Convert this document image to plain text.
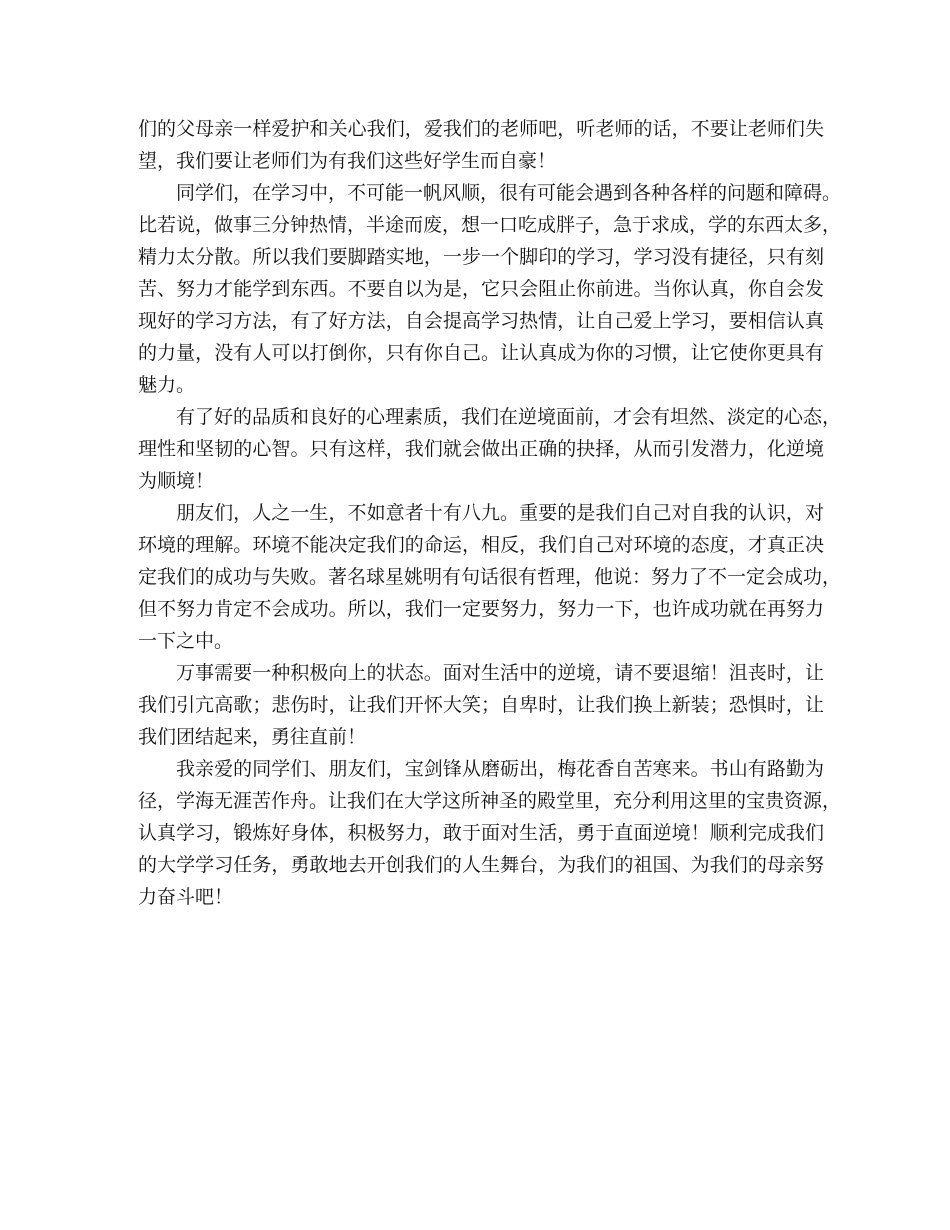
们的父母亲一样爱护和关心我们，爱我们的老师吧，听老师的话，不要让老师们失
望，我们要让老师们为有我们这些好学生而自豪！
同学们，在学习中，不可能一帆风顺，很有可能会遇到各种各样的问题和障碍。
比若说，做事三分钟热情，半途而废，想一口吃成胖子，急于求成，学的东西太多，
精力太分散。所以我们要脚踏实地，一步一个脚印的学习，学习没有捷径，只有刻
苦、努力才能学到东西。不要自以为是，它只会阻止你前进。当你认真，你自会发
现好的学习方法，有了好方法，自会提高学习热情，让自己爱上学习，要相信认真
的力量，没有人可以打倒你，只有你自己。让认真成为你的习惯，让它使你更具有
魅力。
有了好的品质和良好的心理素质，我们在逆境面前，才会有坦然、淡定的心态，
理性和坚韧的心智。只有这样，我们就会做出正确的抉择，从而引发潜力，化逆境
为顺境！
朋友们，人之一生，不如意者十有八九。重要的是我们自己对自我的认识，对
环境的理解。环境不能决定我们的命运，相反，我们自己对环境的态度，才真正决
定我们的成功与失败。著名球星姚明有句话很有哲理，他说：努力了不一定会成功，
但不努力肯定不会成功。所以，我们一定要努力，努力一下，也许成功就在再努力
一下之中。
万事需要一种积极向上的状态。面对生活中的逆境，请不要退缩！沮丧时，让
我们引亢高歌；悲伤时，让我们开怀大笑；自卑时，让我们换上新装；恐惧时，让
我们团结起来，勇往直前！
我亲爱的同学们、朋友们，宝剑锋从磨砺出，梅花香自苦寒来。书山有路勤为
径，学海无涯苦作舟。让我们在大学这所神圣的殿堂里，充分利用这里的宝贵资源，
认真学习，锻炼好身体，积极努力，敢于面对生活，勇于直面逆境！顺利完成我们
的大学学习任务，勇敢地去开创我们的人生舞台，为我们的祖国、为我们的母亲努
力奋斗吧！
